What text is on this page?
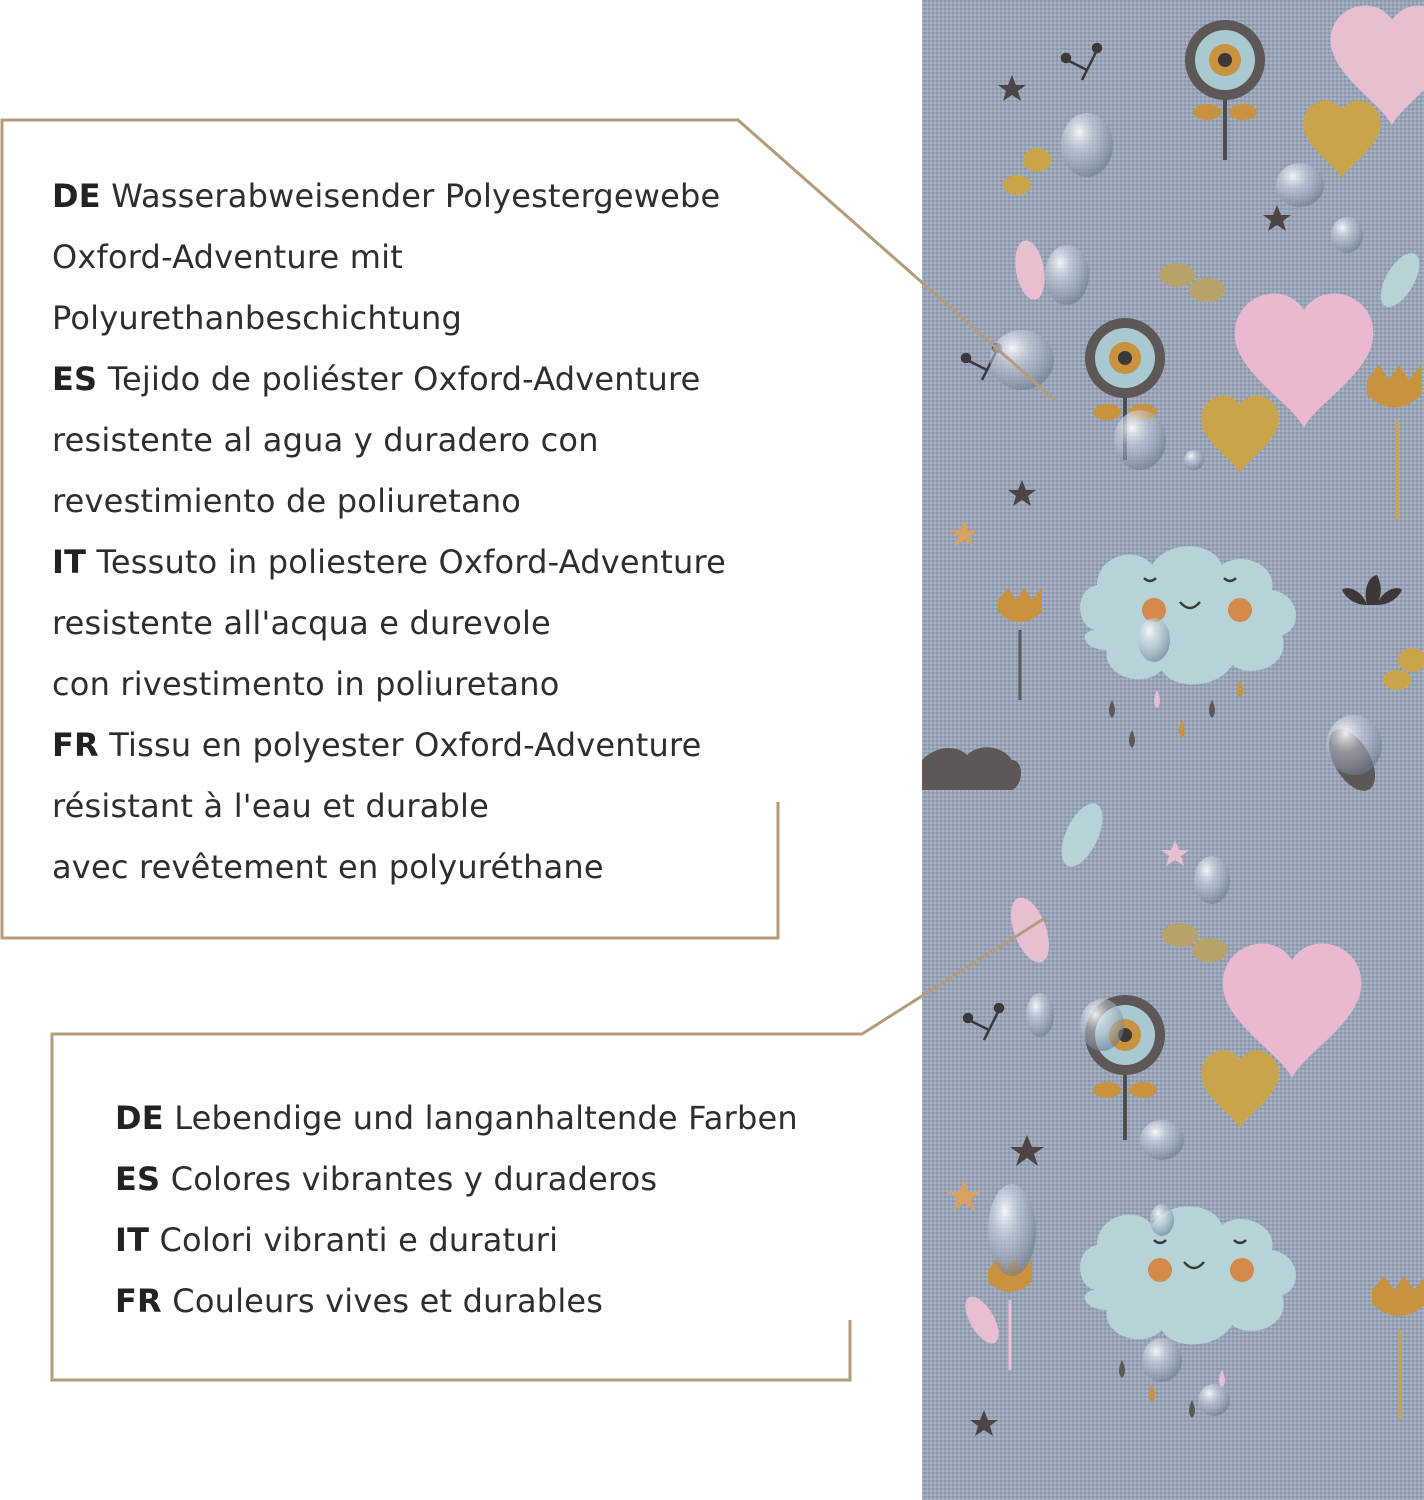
DE Wasserabweisender Polyestergewebe
Oxford-Adventure mit
Polyurethanbeschichtung
ES Tejido de poliéster Oxford-Adventure
resistente al agua y duradero con
revestimiento de poliuretano
IT Tessuto in poliestere Oxford-Adventure
resistente all'acqua e durevole
con rivestimento in poliuretano
FR Tissu en polyester Oxford-Adventure
résistant à l'eau et durable
avec revêtement en polyuréthane
DE Lebendige und langanhaltende Farben
ES Colores vibrantes y duraderos
IT Colori vibranti e duraturi
FR Couleurs vives et durables
